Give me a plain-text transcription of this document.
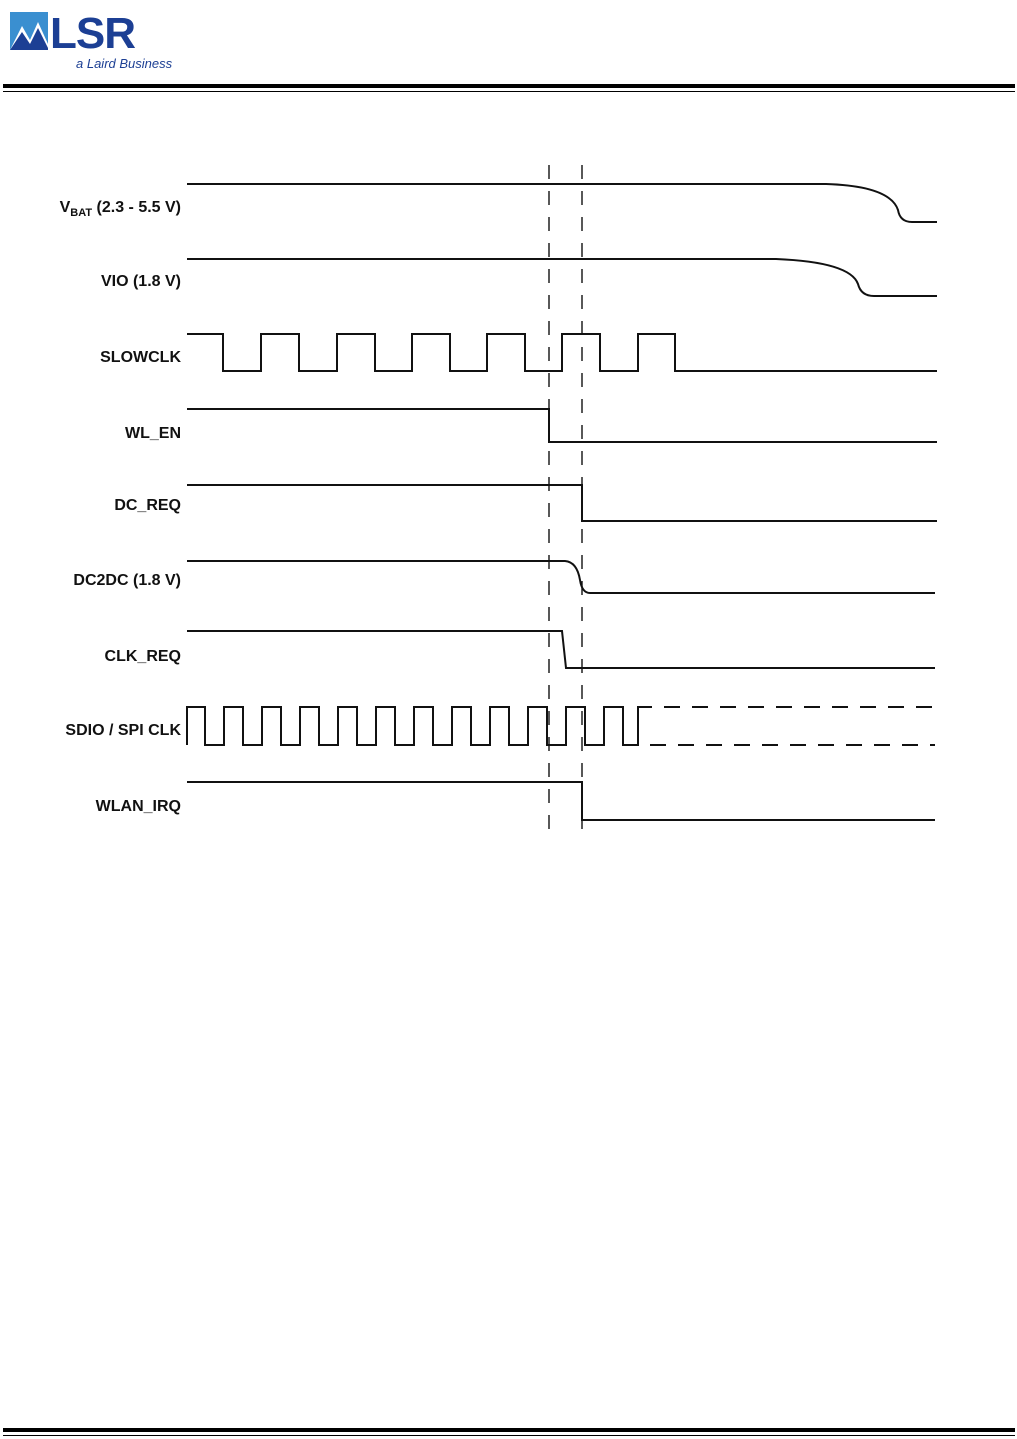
LSR
a Laird Business
$V_{BAT}$ (2.3 - 5.5 V)
VIO (1.8 V)
SLOWCLK
WL_EN
DC_REQ
DC2DC (1.8 V)
CLK_REQ
SDIO / SPI CLK
WLAN_IRQ
